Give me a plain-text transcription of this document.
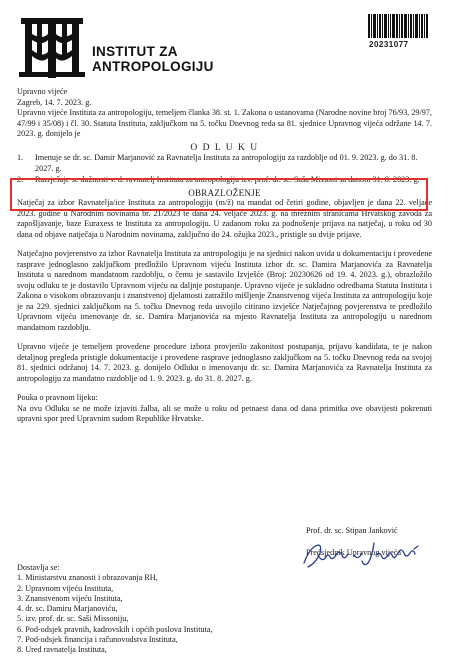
INSTITUT ZA
ANTROPOLOGIJU
20231077

Upravno vijeće

Zagreb, 14. 7. 2023. g.

Upravno vijeće Instituta za antropologiju, temeljem članka 38. st. 1. Zakona o ustanovama (Narodne novine broj 76/93, 29/97, 47/99 i 35/08) i čl. 30. Statuta Instituta, zaključkom na 5. točku Dnevnog reda sa 81. sjednice Upravnog vijeća održane 14. 7. 2023. g. donijelo je

O D L U K U

1.	Imenuje se dr. sc. Damir Marjanović za Ravnatelja Instituta za antropologiju za razdoblje od 01. 9. 2023. g. do 31. 8. 2027. g.
2.	Razrješuje se dužnosti v. d. ravnatelj Instituta za antropologiju izv. prof. dr. sc. Saša Missoni sa danom 31. 8. 2023. g.

OBRAZLOŽENJE

Natječaj za izbor Ravnatelja/ice Instituta za antropologiju (m/ž) na mandat od četiri godine, objavljen je dana 22. veljače 2023. godine u Narodnim novinama br. 21/2023 te dana 24. veljače 2023. g. na mrežnim stranicama Hrvatskog zavoda za zapošljavanje, baze Euraxess te Instituta za antropologiju. U zadanom roku za podnošenje prijava na natječaj, u roku od 30 dana od objave natječaja u Narodnim novinama, zaključno do 24. ožujka 2023., pristigle su dvije prijave.

Natječajno povjerenstvo za izbor Ravnatelja Instituta za antropologiju je na sjednici nakon uvida u dokumentaciju i provedene rasprave jednoglasno zaključkom predložilo Upravnom vijeću Instituta izbor dr. sc. Damira Marjanovića za Ravnatelja Instituta u narednom mandatnom razdoblju, o čemu je sastavilo Izvješće (Broj: 20230626 od 19. 4. 2023. g.), obrazložilo svoju odluku te je dostavilo Upravnom vijeću na daljnje postupanje. Upravno vijeće je sukladno odredbama Statuta Instituta i Zakona o visokom obrazovanju i znanstvenoj djelatnosti zatražilo mišljenje Znanstvenog vijeća Instituta za antropologiju koje je na 229. sjednici zaključkom na 5. točku Dnevnog reda usvojilo citirano izvješće Natječajnog povjerenstva te predložilo Upravnom vijeću imenovanje dr. sc. Damira Marjanovića na mjesto Ravnatelja Instituta za antropologiju u narednom mandatnom razdoblju.

Upravno vijeće je temeljem provedene procedure izbora provjerilo zakonitost postupanja, prijavu kandidata, te je nakon detaljnog pregleda pristigle dokumentacije i provedene rasprave jednoglasno zaključkom na 5. točku Dnevnog reda na svojoj 81. sjednici održanoj 14. 7. 2023. g. donijelo Odluku o imenovanju dr. sc. Damira Marjanovića za Ravnatelja Instituta za antropologiju za mandatno razdoblje od 1. 9. 2023. g. do 31. 8. 2027. g.

Pouka o pravnom lijeku:

Na ovu Odluku se ne može izjaviti žalba, ali se može u roku od petnaest dana od dana primitka ove obavijesti pokrenuti upravni spor pred Upravnim sudom Republike Hrvatske.

Prof. dr. sc. Stipan Janković

Predsjednik Upravnog vijeća

Dostavlja se:

1. Ministarstvu znanosti i obrazovanja RH,

2. Upravnom vijeću Instituta,

3. Znanstvenom vijeću Instituta,

4. dr. sc. Damiru Marjanoviću,

5. izv. prof. dr. sc. Saši Missoniju,

6. Pod-odsjek pravnih, kadrovskih i općih poslova Instituta,

7. Pod-odsjek financija i računovodstva Instituta,

8. Ured ravnatelja Instituta,
